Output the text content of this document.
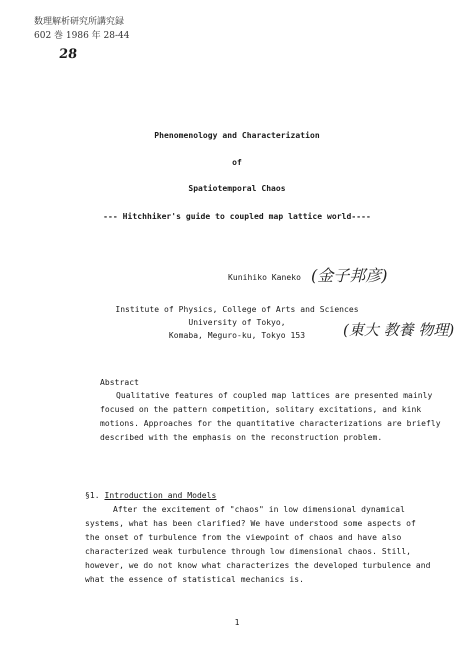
数理解析研究所講究録
602 巻 1986 年 28-44
28
Phenomenology and Characterization
of
Spatiotemporal Chaos
--- Hitchhiker's guide to coupled map lattice world----
Kunihiko Kaneko (金子邦彦)
Institute of Physics, College of Arts and Sciences
University of Tokyo,
Komaba, Meguro-ku, Tokyo 153	(東大 教養 物理)
Abstract
Qualitative features of coupled map lattices are presented mainly
focused on the pattern competition, solitary excitations, and kink
motions. Approaches for the quantitative characterizations are briefly
described with the emphasis on the reconstruction problem.
§1. Introduction and Models
After the excitement of "chaos" in low dimensional dynamical
systems, what has been clarified? We have understood some aspects of
the onset of turbulence from the viewpoint of chaos and have also
characterized weak turbulence through low dimensional chaos. Still,
however, we do not know what characterizes the developed turbulence and
what the essence of statistical mechanics is.
1
